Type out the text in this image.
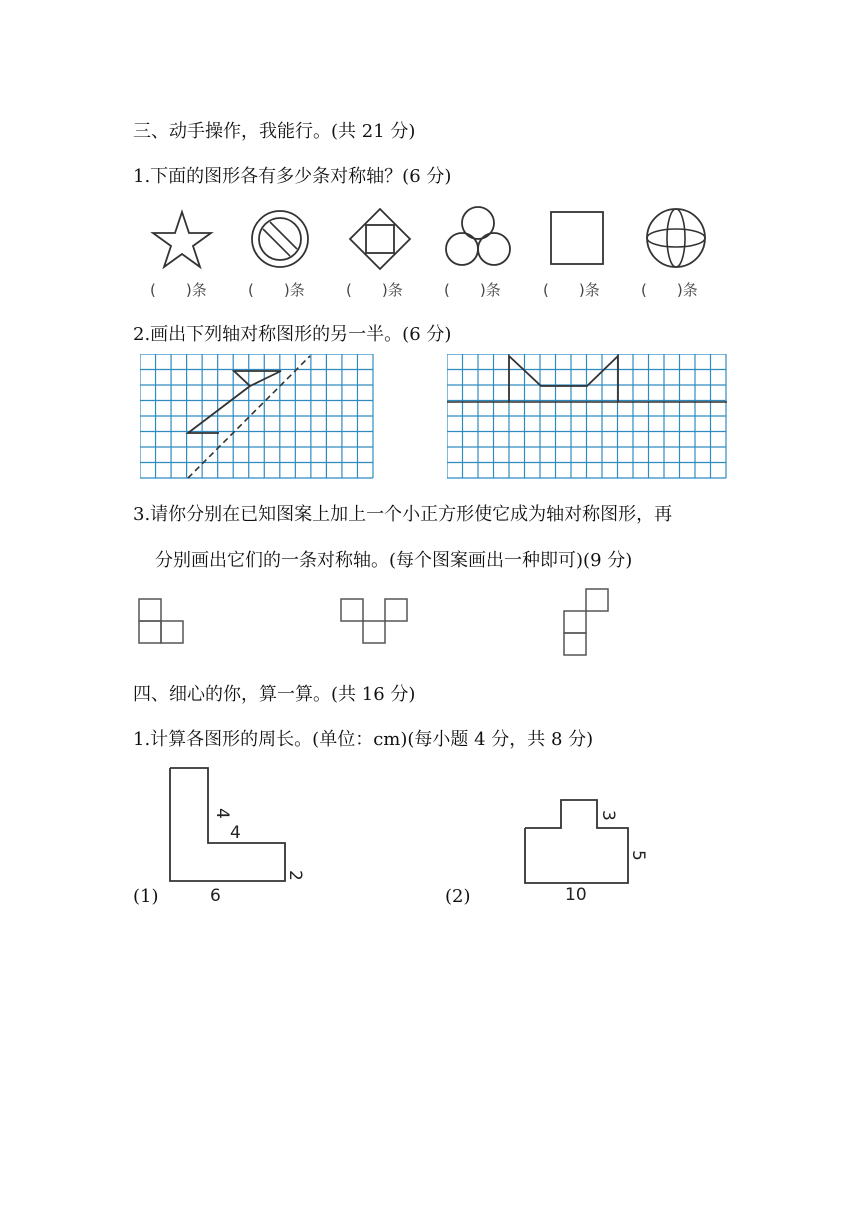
三、动手操作，我能行。(共 21 分)
1.下面的图形各有多少条对称轴？(6 分)
(　　)条	(　　)条	(　　)条	(　　)条	(　　)条	(　　)条
2.画出下列轴对称图形的另一半。(6 分)
3.请你分别在已知图案上加上一个小正方形使它成为轴对称图形，再
分别画出它们的一条对称轴。(每个图案画出一种即可)(9 分)
四、细心的你，算一算。(共 16 分)
1.计算各图形的周长。(单位：cm)(每小题 4 分，共 8 分)
4
4
2
6
(1)
3
5
10
(2)
